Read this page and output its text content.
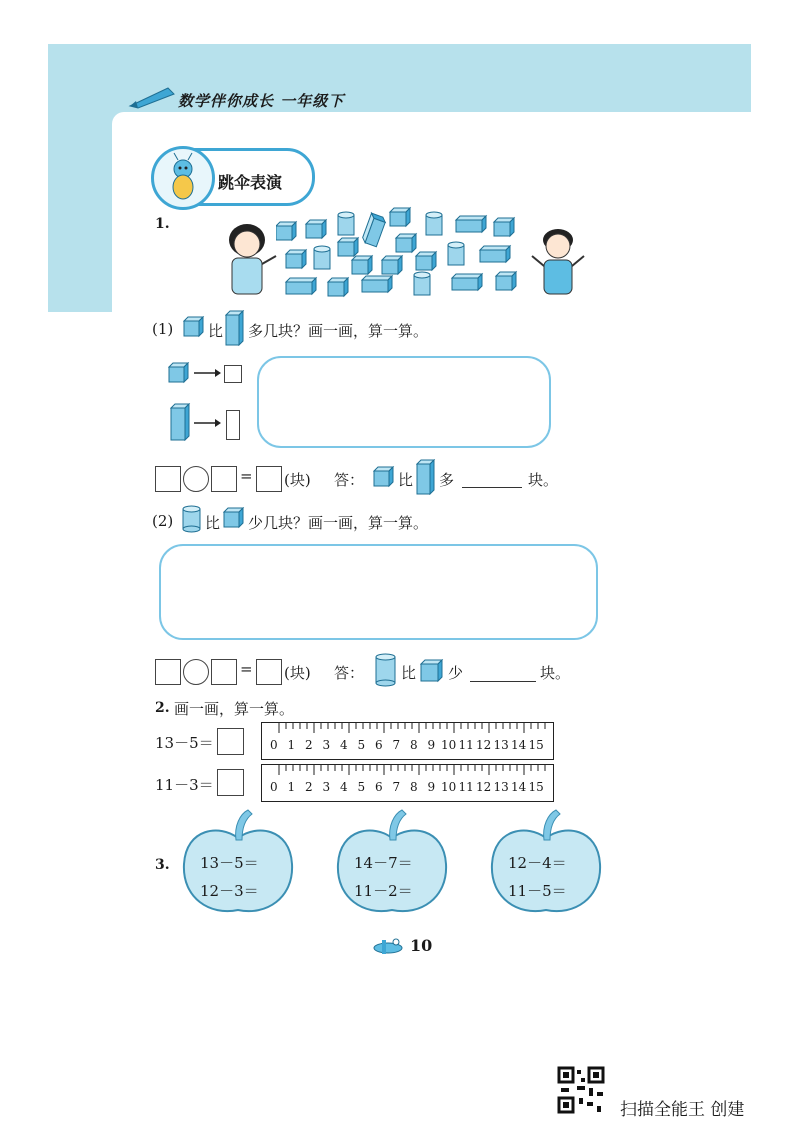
数学伴你成长 一年级下
跳伞表演
1.
(1) 比 多几块？画一画，算一算。
= (块) 答： 比 多	块。
(2) 比 少几块？画一画，算一算。
= (块) 答： 比 少	块。
2. 画一画，算一算。
13－5＝	0 1 2 3 4 5 6 7 8 9 10 11 12 13 14 15
11－3＝	0 1 2 3 4 5 6 7 8 9 10 11 12 13 14 15
3. 13－5＝
12－3＝
14－7＝
11－2＝
12－4＝
11－5＝
10
扫描全能王 创建
